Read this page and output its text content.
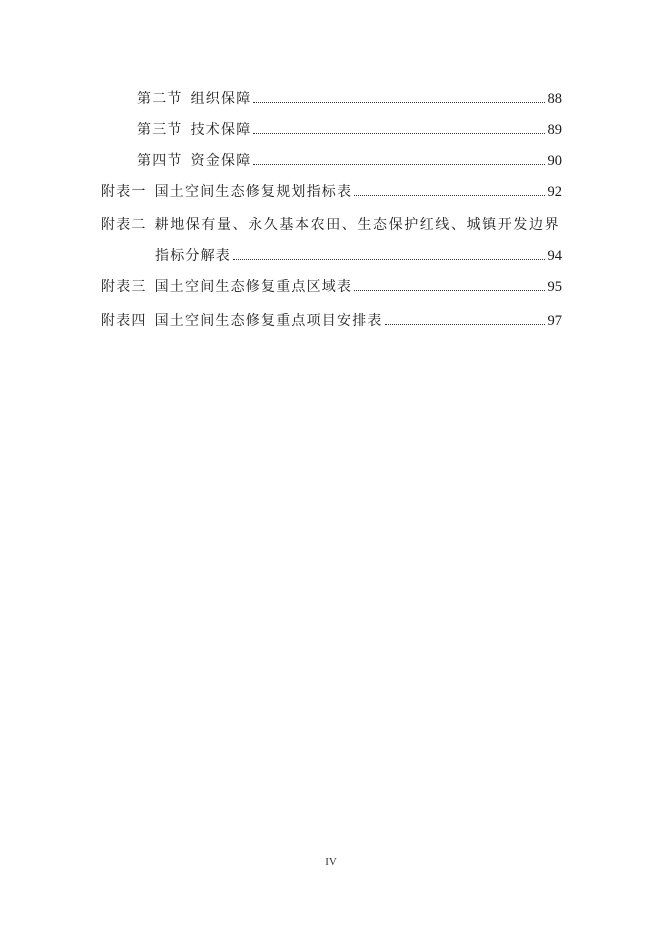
第二节 组织保障	88
第三节 技术保障	89
第四节 资金保障	90
附表一 国土空间生态修复规划指标表	92
附表二 耕地保有量、永久基本农田、生态保护红线、城镇开发边界
指标分解表	94
附表三 国土空间生态修复重点区域表	95
附表四 国土空间生态修复重点项目安排表	97
IV
